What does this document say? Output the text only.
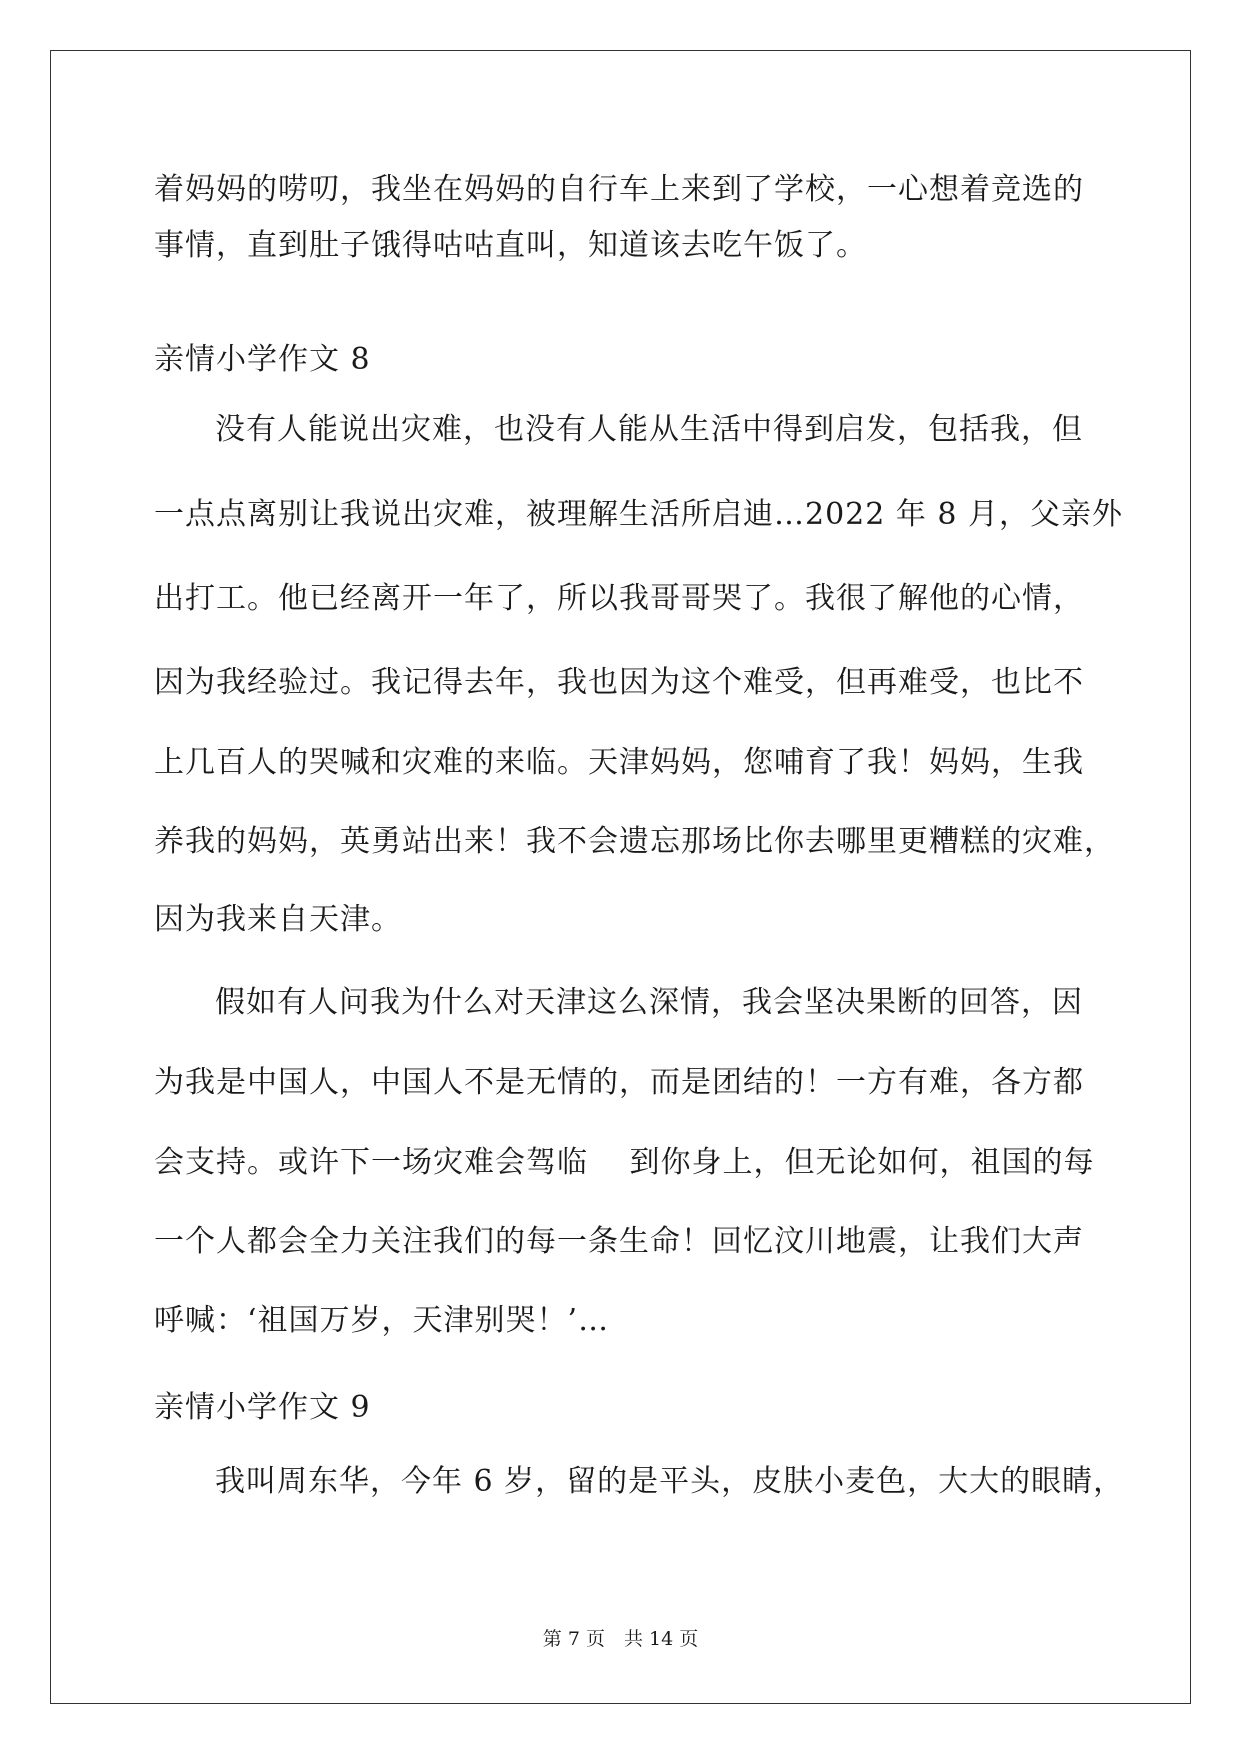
着妈妈的唠叨，我坐在妈妈的自行车上来到了学校，一心想着竞选的
事情，直到肚子饿得咕咕直叫，知道该去吃午饭了。
亲情小学作文 8
没有人能说出灾难，也没有人能从生活中得到启发，包括我，但
一点点离别让我说出灾难，被理解生活所启迪…2022 年 8 月，父亲外
出打工。他已经离开一年了，所以我哥哥哭了。我很了解他的心情，
因为我经验过。我记得去年，我也因为这个难受，但再难受，也比不
上几百人的哭喊和灾难的来临。天津妈妈，您哺育了我！妈妈，生我
养我的妈妈，英勇站出来！我不会遗忘那场比你去哪里更糟糕的灾难，
因为我来自天津。
假如有人问我为什么对天津这么深情，我会坚决果断的回答，因
为我是中国人，中国人不是无情的，而是团结的！一方有难，各方都
会支持。或许下一场灾难会驾临　 到你身上，但无论如何，祖国的每
一个人都会全力关注我们的每一条生命！回忆汶川地震，让我们大声
呼喊：‘祖国万岁，天津别哭！’…
亲情小学作文 9
我叫周东华，今年 6 岁，留的是平头，皮肤小麦色，大大的眼睛，
第 7 页　共 14 页
